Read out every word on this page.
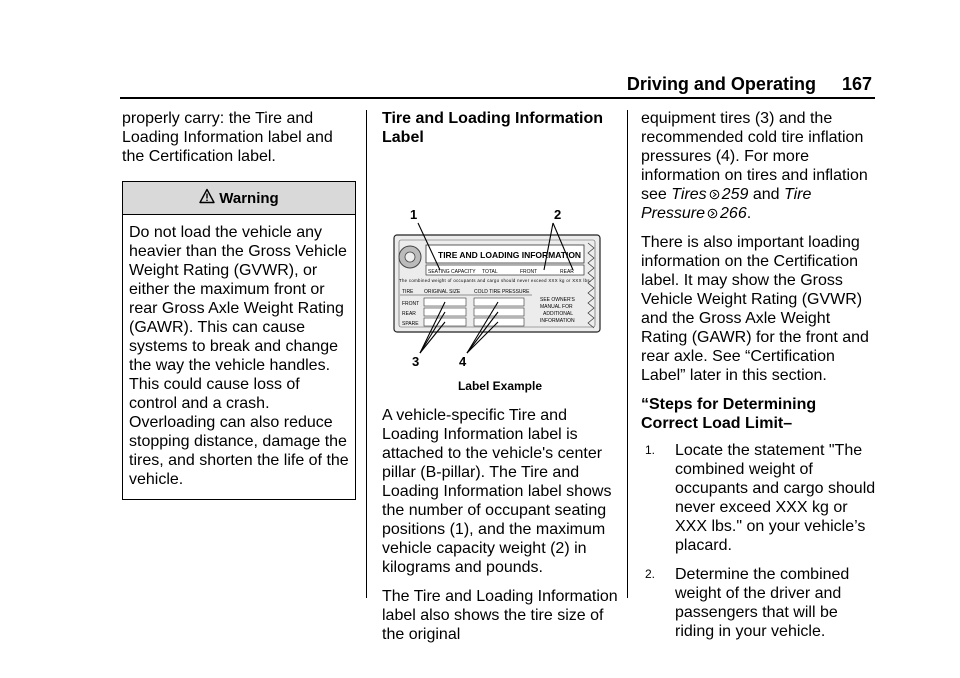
Driving and Operating 167

properly carry: the Tire and Loading Information label and the Certification label.

Warning
Do not load the vehicle any heavier than the Gross Vehicle Weight Rating (GVWR), or either the maximum front or rear Gross Axle Weight Rating (GAWR). This can cause systems to break and change the way the vehicle handles. This could cause loss of control and a crash. Overloading can also reduce stopping distance, damage the tires, and shorten the life of the vehicle.
Tire and Loading Information Label
TIRE AND LOADING INFORMATION
SEATING CAPACITY TOTAL	FRONT	REAR
The combined weight of occupants and cargo should never exceed XXX kg or XXX lbs.
TIRE ORIGINAL SIZE	COLD TIRE PRESSURE
FRONT
REAR
SPARE
SEE OWNER'S
MANUAL FOR
ADDITIONAL
INFORMATION
1	2
3	4

Label Example

A vehicle-specific Tire and Loading Information label is attached to the vehicle's center pillar (B-pillar). The Tire and Loading Information label shows the number of occupant seating positions (1), and the maximum vehicle capacity weight (2) in kilograms and pounds.

The Tire and Loading Information label also shows the tire size of the original

equipment tires (3) and the recommended cold tire inflation pressures (4). For more information on tires and inflation see Tires 259 and Tire Pressure 266.

There is also important loading information on the Certification label. It may show the Gross Vehicle Weight Rating (GVWR) and the Gross Axle Weight Rating (GAWR) for the front and rear axle. See “Certification Label” later in this section.

“Steps for Determining Correct Load Limit–
1.	Locate the statement "The combined weight of occupants and cargo should never exceed XXX kg or XXX lbs." on your vehicle’s placard.
2.	Determine the combined weight of the driver and passengers that will be riding in your vehicle.
